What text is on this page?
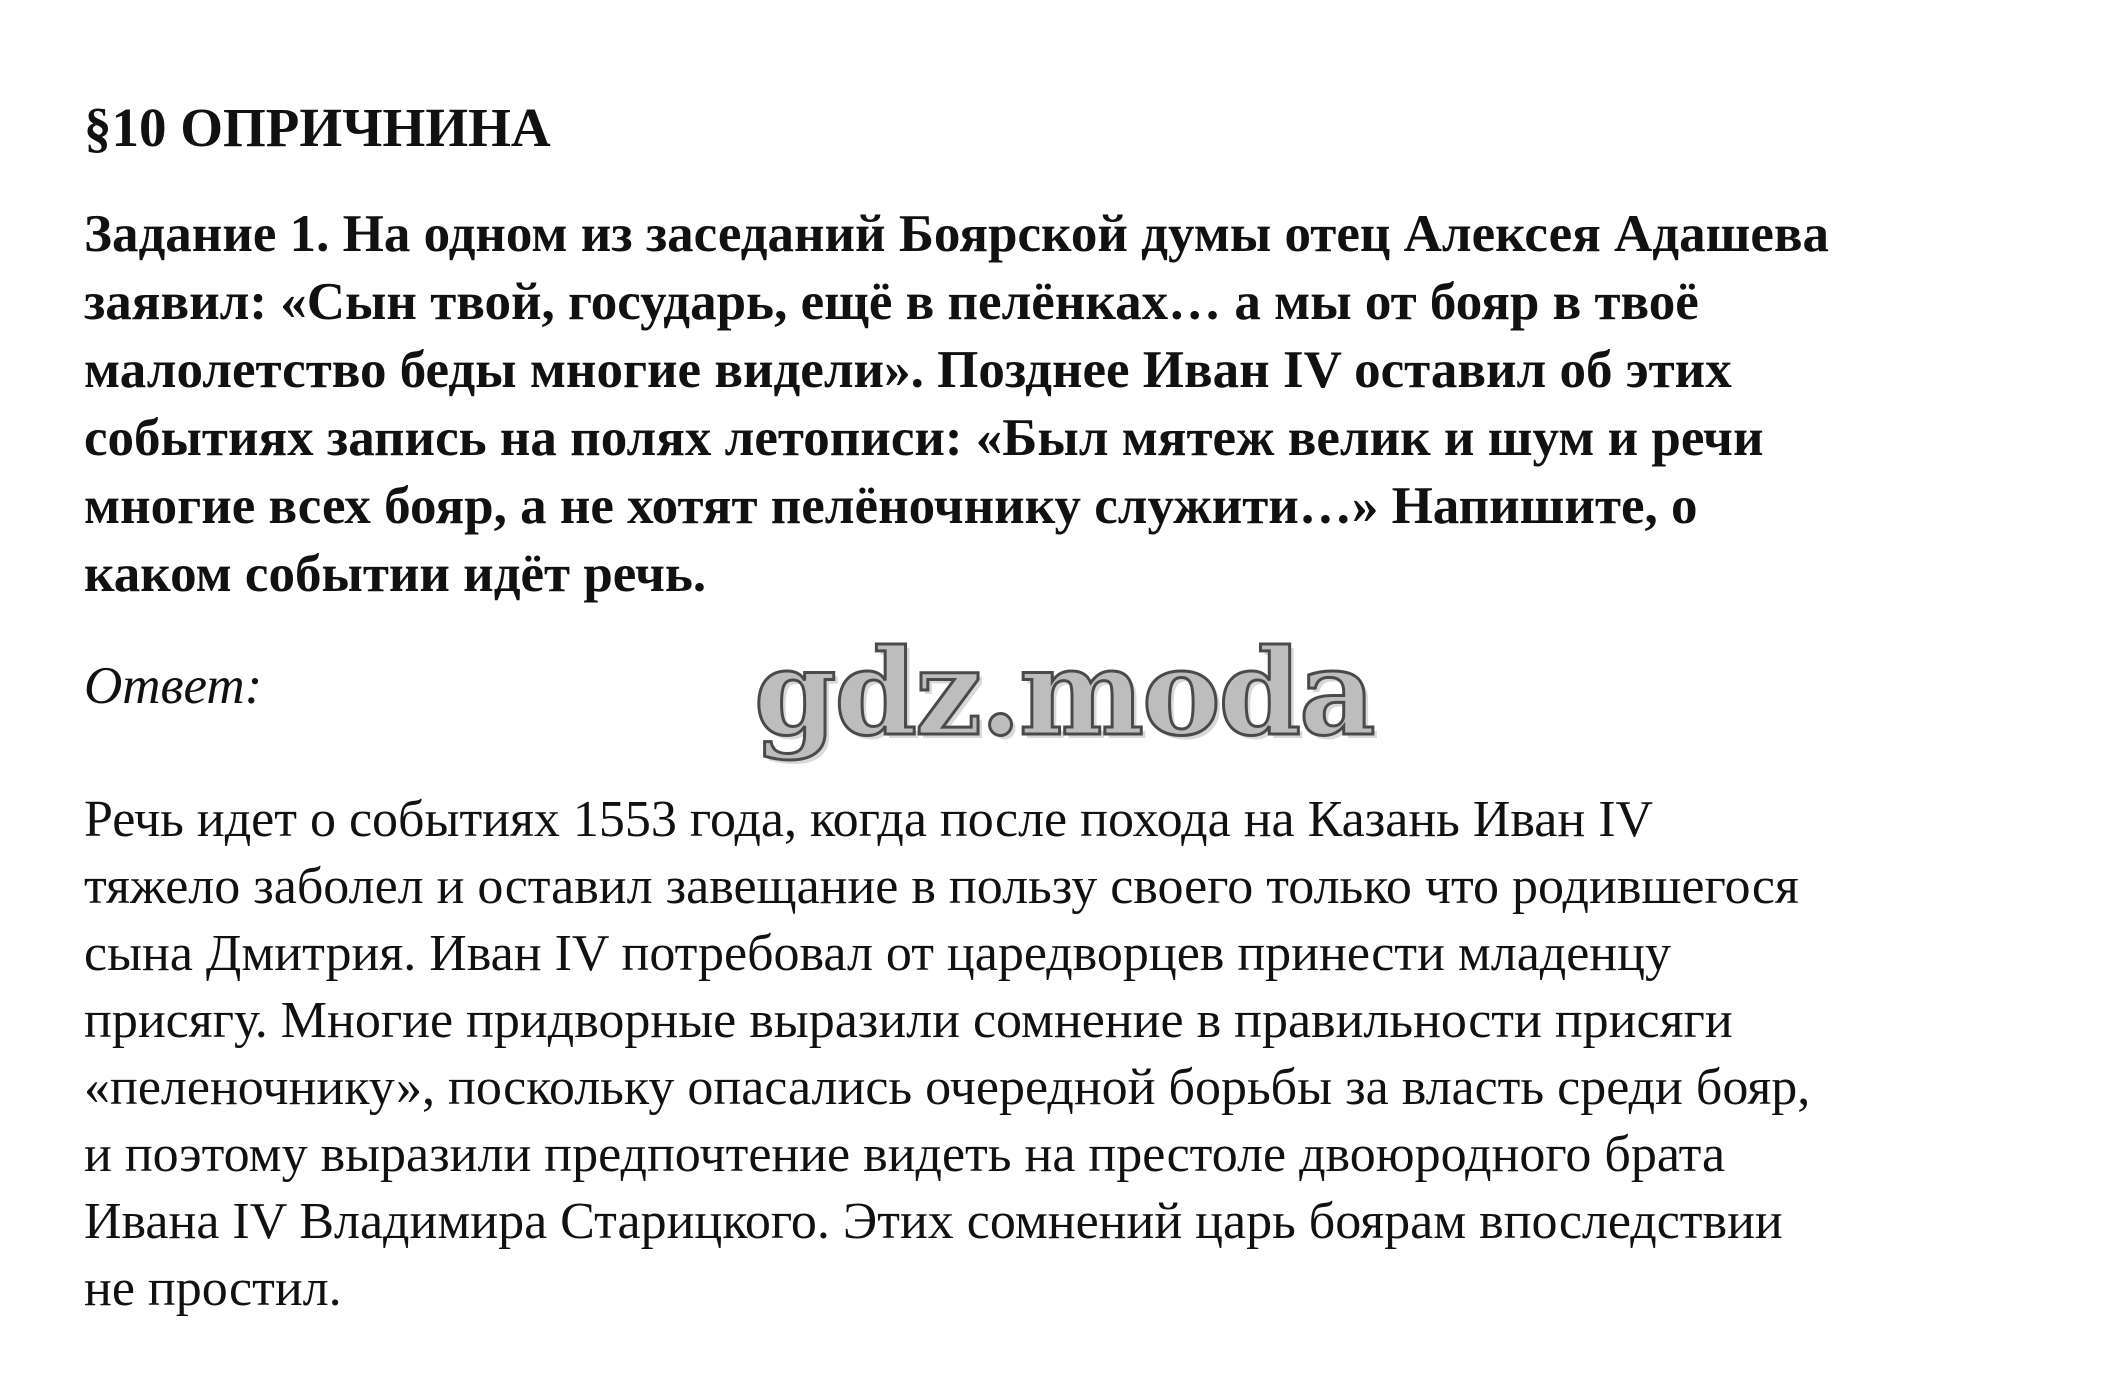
§10 ОПРИЧНИНА

Задание 1. На одном из заседаний Боярской думы отец Алексея Адашева
заявил: «Сын твой, государь, ещё в пелёнках… а мы от бояр в твоё
малолетство беды многие видели». Позднее Иван IV оставил об этих
событиях запись на полях летописи: «Был мятеж велик и шум и речи
многие всех бояр, а не хотят пелёночнику служити…» Напишите, о
каком событии идёт речь.

Ответ:	gdz.moda

Речь идет о событиях 1553 года, когда после похода на Казань Иван IV
тяжело заболел и оставил завещание в пользу своего только что родившегося
сына Дмитрия. Иван IV потребовал от царедворцев принести младенцу
присягу. Многие придворные выразили сомнение в правильности присяги
«пеленочнику», поскольку опасались очередной борьбы за власть среди бояр,
и поэтому выразили предпочтение видеть на престоле двоюродного брата
Ивана IV Владимира Старицкого. Этих сомнений царь боярам впоследствии
не простил.
